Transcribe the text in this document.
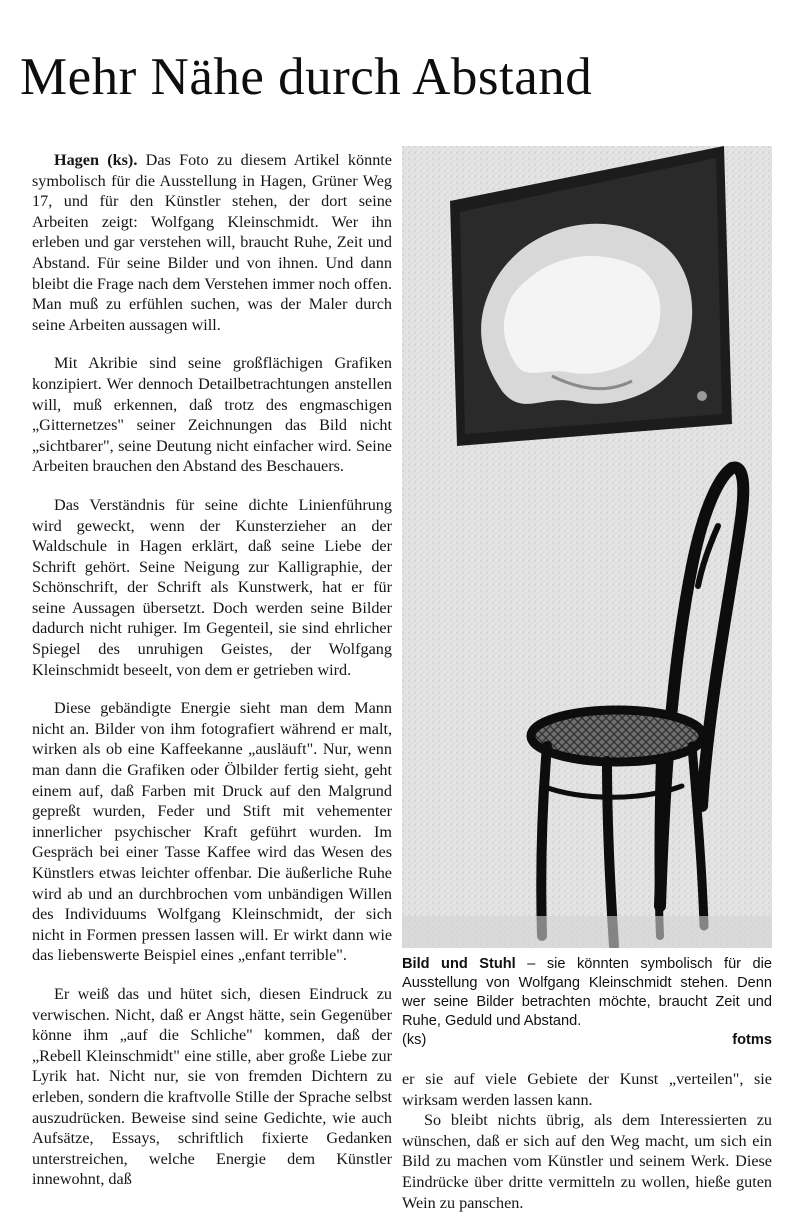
Mehr Nähe durch Abstand

Hagen (ks). Das Foto zu diesem Artikel könnte symbolisch für die Ausstellung in Hagen, Grüner Weg 17, und für den Künstler stehen, der dort seine Arbeiten zeigt: Wolfgang Kleinschmidt. Wer ihn erleben und gar verstehen will, braucht Ruhe, Zeit und Abstand. Für seine Bilder und von ihnen. Und dann bleibt die Frage nach dem Verstehen immer noch offen. Man muß zu erfühlen suchen, was der Maler durch seine Arbeiten aussagen will.

Mit Akribie sind seine großflächigen Grafiken konzipiert. Wer dennoch Detailbetrachtungen anstellen will, muß erkennen, daß trotz des engmaschigen „Gitternetzes" seiner Zeichnungen das Bild nicht „sichtbarer", seine Deutung nicht einfacher wird. Seine Arbeiten brauchen den Abstand des Beschauers.

Das Verständnis für seine dichte Linienführung wird geweckt, wenn der Kunsterzieher an der Waldschule in Hagen erklärt, daß seine Liebe der Schrift gehört. Seine Neigung zur Kalligraphie, der Schönschrift, der Schrift als Kunstwerk, hat er für seine Aussagen übersetzt. Doch werden seine Bilder dadurch nicht ruhiger. Im Gegenteil, sie sind ehrlicher Spiegel des unruhigen Geistes, der Wolfgang Kleinschmidt beseelt, von dem er getrieben wird.

Diese gebändigte Energie sieht man dem Mann nicht an. Bilder von ihm fotografiert während er malt, wirken als ob eine Kaffeekanne „ausläuft". Nur, wenn man dann die Grafiken oder Ölbilder fertig sieht, geht einem auf, daß Farben mit Druck auf den Malgrund gepreßt wurden, Feder und Stift mit vehementer innerlicher psychischer Kraft geführt wurden. Im Gespräch bei einer Tasse Kaffee wird das Wesen des Künstlers etwas leichter offenbar. Die äußerliche Ruhe wird ab und an durchbrochen vom unbändigen Willen des Individuums Wolfgang Kleinschmidt, der sich nicht in Formen pressen lassen will. Er wirkt dann wie das liebenswerte Beispiel eines „enfant terrible".

Er weiß das und hütet sich, diesen Eindruck zu verwischen. Nicht, daß er Angst hätte, sein Gegenüber könne ihm „auf die Schliche" kommen, daß der „Rebell Kleinschmidt" eine stille, aber große Liebe zur Lyrik hat. Nicht nur, sie von fremden Dichtern zu erleben, sondern die kraftvolle Stille der Sprache selbst auszudrücken. Beweise sind seine Gedichte, wie auch Aufsätze, Essays, schriftlich fixierte Gedanken unterstreichen, welche Energie dem Künstler innewohnt, daß

Bild und Stuhl – sie könnten symbolisch für die Ausstellung von Wolfgang Kleinschmidt stehen. Denn wer seine Bilder betrachten möchte, braucht Zeit und Ruhe, Geduld und Abstand.
(ks)	fotms

er sie auf viele Gebiete der Kunst „verteilen", sie wirksam werden lassen kann.

So bleibt nichts übrig, als dem Interessierten zu wünschen, daß er sich auf den Weg macht, um sich ein Bild zu machen vom Künstler und seinem Werk. Diese Eindrücke über dritte vermitteln zu wollen, hieße guten Wein zu panschen.
